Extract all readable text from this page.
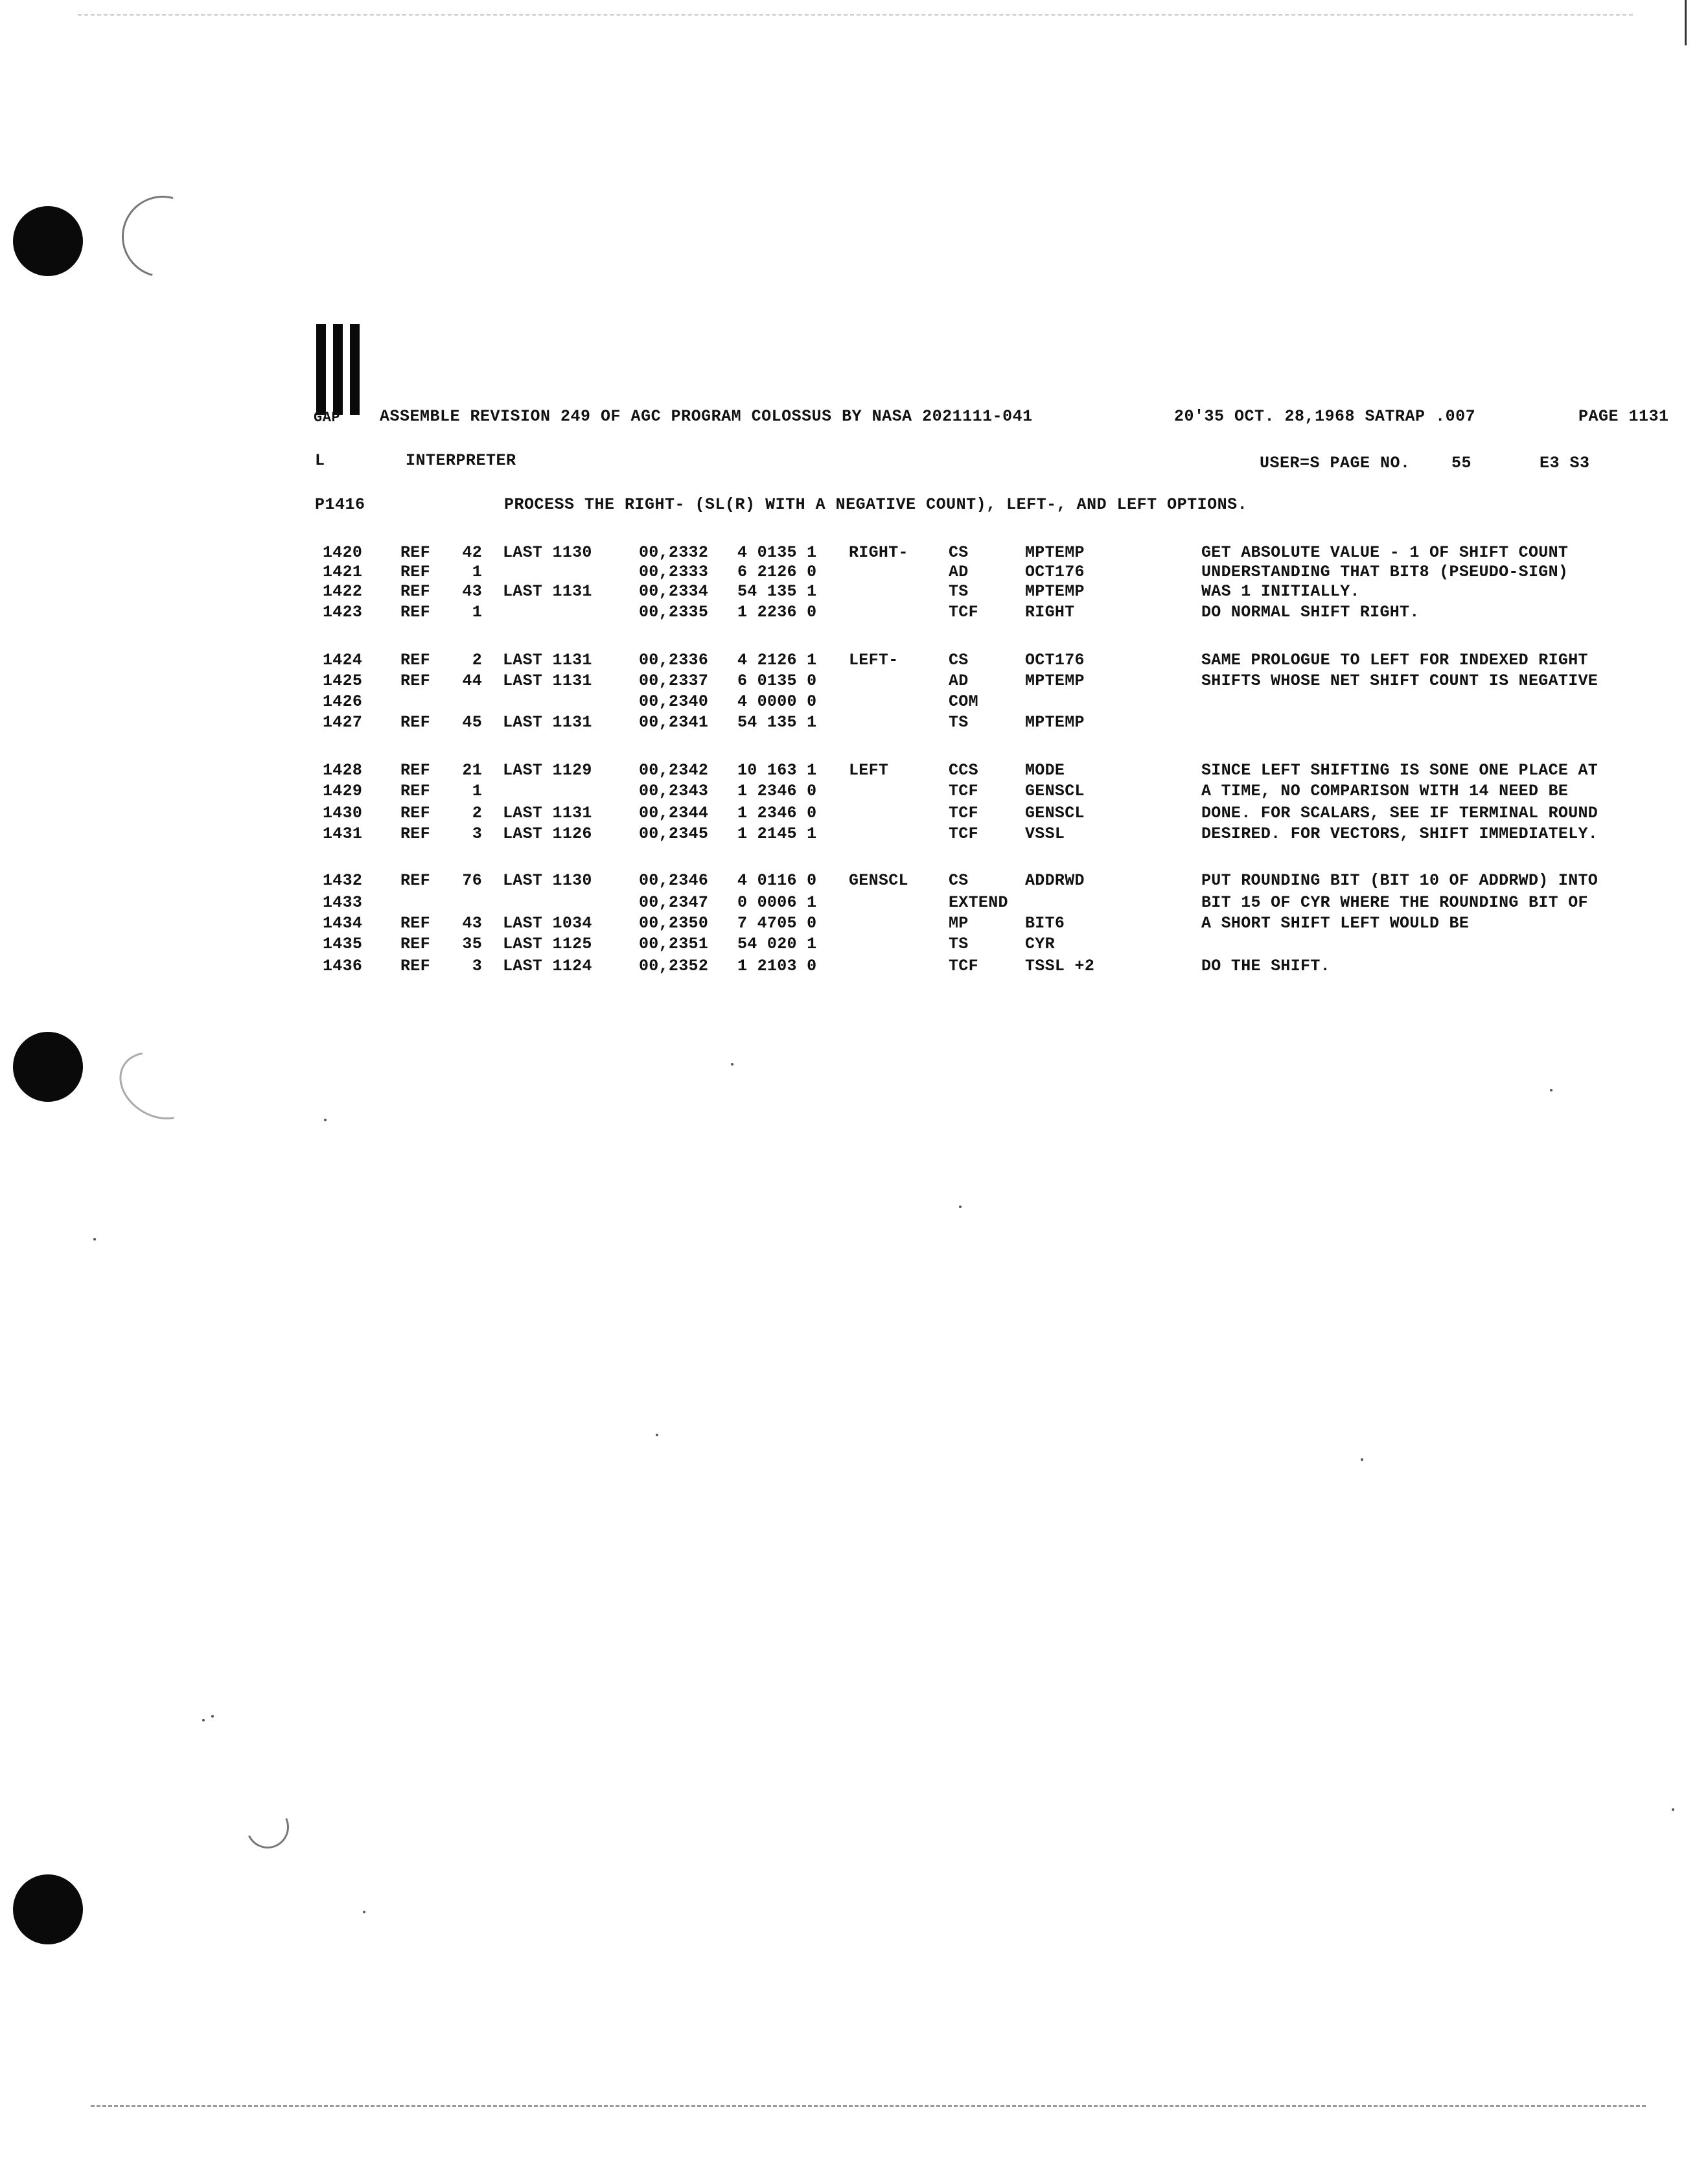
GAP ASSEMBLE REVISION 249 OF AGC PROGRAM COLOSSUS BY NASA 2021111-041	20'35 OCT. 28,1968 SATRAP .007	PAGE 1131
L	INTERPRETER	USER=S PAGE NO.	55	E3 S3
P1416	PROCESS THE RIGHT- (SL(R) WITH A NEGATIVE COUNT), LEFT-, AND LEFT OPTIONS.
1420 REF	42 LAST 1130	00,2332 4 0135 1 RIGHT- CS	MPTEMP	GET ABSOLUTE VALUE - 1 OF SHIFT COUNT
1421 REF	1	00,2333 6 2126 0	AD	OCT176	UNDERSTANDING THAT BIT8 (PSEUDO-SIGN)
1422 REF	43 LAST 1131	00,2334 54 135 1	TS	MPTEMP	WAS 1 INITIALLY.
1423 REF	1	00,2335 1 2236 0	TCF	RIGHT	DO NORMAL SHIFT RIGHT.
1424 REF	2 LAST 1131	00,2336 4 2126 1 LEFT-	CS	OCT176	SAME PROLOGUE TO LEFT FOR INDEXED RIGHT
1425 REF	44 LAST 1131	00,2337 6 0135 0	AD	MPTEMP	SHIFTS WHOSE NET SHIFT COUNT IS NEGATIVE
1426	00,2340 4 0000 0	COM
1427 REF	45 LAST 1131	00,2341 54 135 1	TS	MPTEMP
1428 REF	21 LAST 1129	00,2342 10 163 1 LEFT	CCS	MODE	SINCE LEFT SHIFTING IS SONE ONE PLACE AT
1429 REF	1	00,2343 1 2346 0	TCF	GENSCL	A TIME, NO COMPARISON WITH 14 NEED BE
1430 REF	2 LAST 1131	00,2344 1 2346 0	TCF	GENSCL	DONE. FOR SCALARS, SEE IF TERMINAL ROUND
1431 REF	3 LAST 1126	00,2345 1 2145 1	TCF	VSSL	DESIRED. FOR VECTORS, SHIFT IMMEDIATELY.
1432 REF	76 LAST 1130	00,2346 4 0116 0 GENSCL CS	ADDRWD	PUT ROUNDING BIT (BIT 10 OF ADDRWD) INTO
1433	00,2347 0 0006 1	EXTEND	BIT 15 OF CYR WHERE THE ROUNDING BIT OF
1434 REF	43 LAST 1034	00,2350 7 4705 0	MP	BIT6	A SHORT SHIFT LEFT WOULD BE
1435 REF	35 LAST 1125	00,2351 54 020 1	TS	CYR
1436 REF	3 LAST 1124	00,2352 1 2103 0	TCF	TSSL +2	DO THE SHIFT.
